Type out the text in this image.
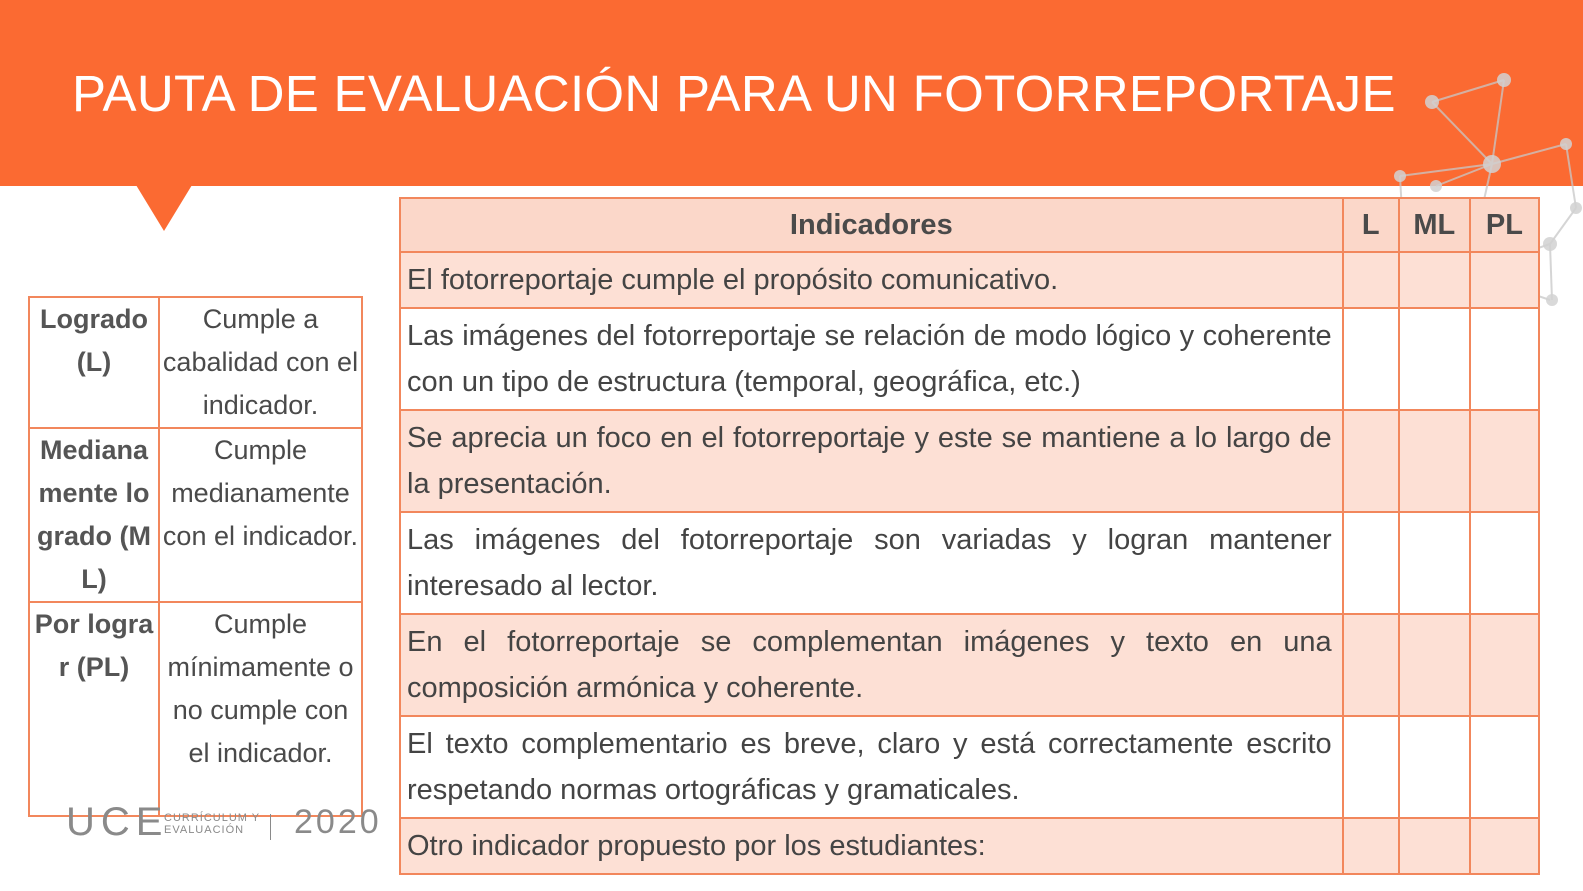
PAUTA DE EVALUACIÓN PARA UN FOTORREPORTAJE
Logrado (L)	Cumple a cabalidad con el indicador.
Medianamente logrado (ML)	Cumple medianamente con el indicador.
Por lograr (PL)	Cumple mínimamente o no cumple con el indicador.
UCE
CURRÍCULUM Y
EVALUACIÓN	2020
Indicadores	L	ML	PL
El fotorreportaje cumple el propósito comunicativo.			
Las imágenes del fotorreportaje se relación de modo lógico y coherente con un tipo de estructura (temporal, geográfica, etc.)			
Se aprecia un foco en el fotorreportaje y este se mantiene a lo largo de la presentación.			
Las imágenes del fotorreportaje son variadas y logran mantener interesado al lector.			
En el fotorreportaje se complementan imágenes y texto en una composición armónica y coherente.			
El texto complementario es breve, claro y está correctamente escrito respetando normas ortográficas y gramaticales.			
Otro indicador propuesto por los estudiantes:			
